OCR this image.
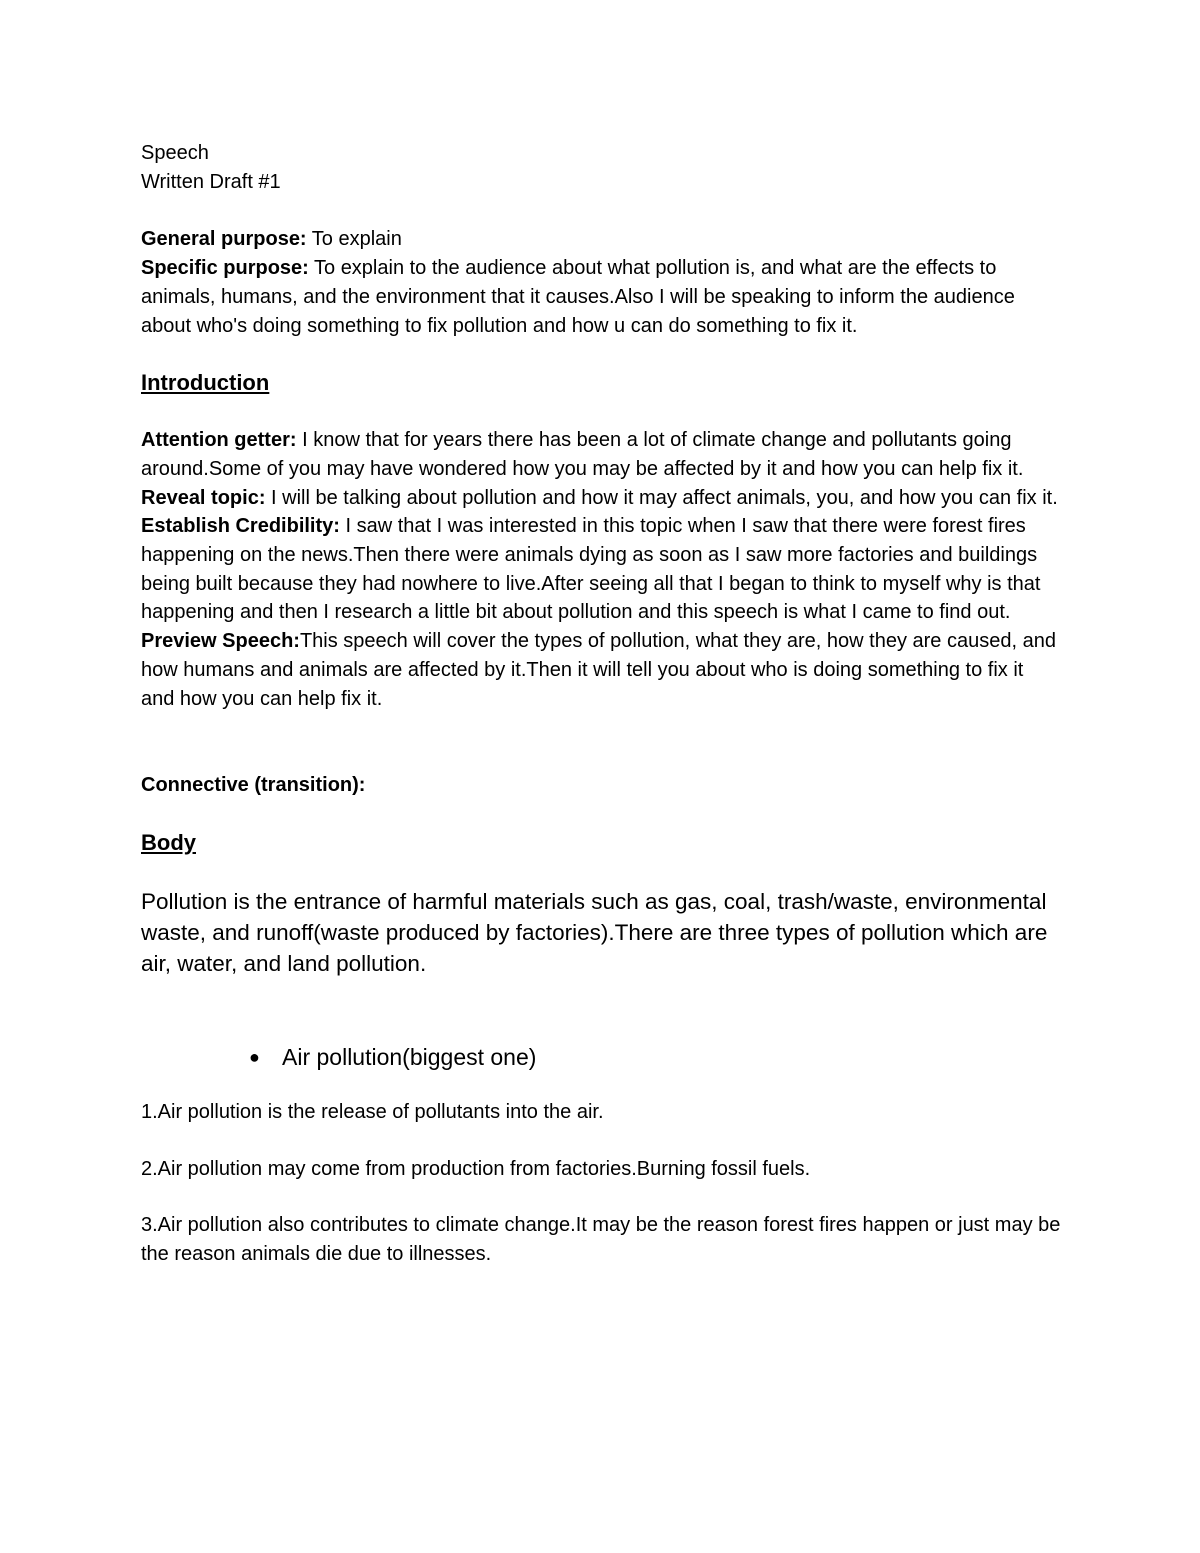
Speech

Written Draft #1

General purpose: To explain

Specific purpose: To explain to the audience about what pollution is, and what are the effects to animals, humans, and the environment that it causes.Also I will be speaking to inform the audience about who's doing something to fix pollution and how u can do something to fix it.

Introduction

Attention getter: I know that for years there has been a lot of climate change and pollutants going around.Some of you may have wondered how you may be affected by it and how you can help fix it.

Reveal topic: I will be talking about pollution and how it may affect animals, you, and how you can fix it.

Establish Credibility: I saw that I was interested in this topic when I saw that there were forest fires happening on the news.Then there were animals dying as soon as I saw more factories and buildings being built because they had nowhere to live.After seeing all that I began to think to myself why is that happening and then I research a little bit about pollution and this speech is what I came to find out.

Preview Speech:This speech will cover the types of pollution, what they are, how they are caused, and how humans and animals are affected by it.Then it will tell you about who is doing something to fix it and how you can help fix it.

Connective (transition):

Body

Pollution is the entrance of harmful materials such as gas, coal, trash/waste, environmental waste, and runoff(waste produced by factories).There are three types of pollution which are air, water, and land pollution.

● Air pollution(biggest one)

1.Air pollution is the release of pollutants into the air.

2.Air pollution may come from production from factories.Burning fossil fuels.

3.Air pollution also contributes to climate change.It may be the reason forest fires happen or just may be the reason animals die due to illnesses.
